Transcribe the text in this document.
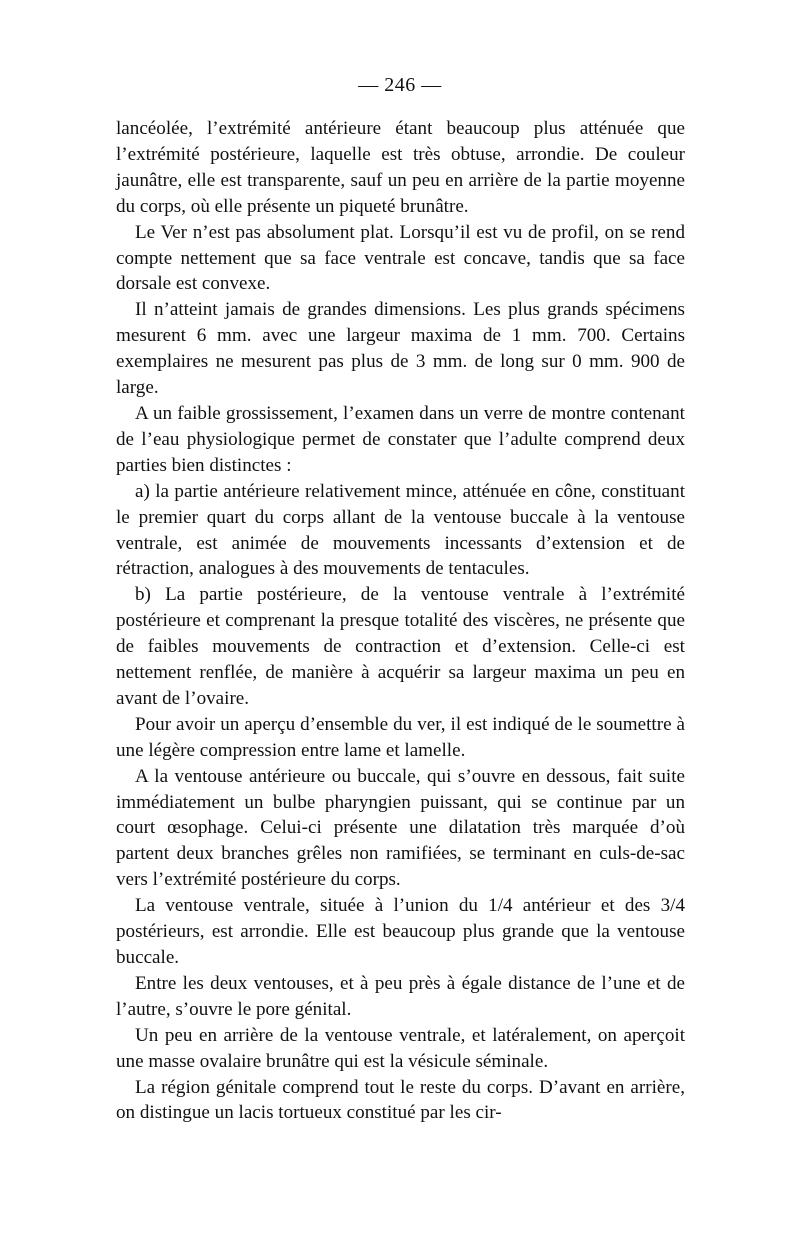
— 246 —

lancéolée, l’extrémité antérieure étant beaucoup plus atténuée que l’extrémité postérieure, laquelle est très obtuse, arrondie. De couleur jaunâtre, elle est transparente, sauf un peu en arrière de la partie moyenne du corps, où elle présente un piqueté brunâtre.

Le Ver n’est pas absolument plat. Lorsqu’il est vu de profil, on se rend compte nettement que sa face ventrale est concave, tandis que sa face dorsale est convexe.

Il n’atteint jamais de grandes dimensions. Les plus grands spécimens mesurent 6 mm. avec une largeur maxima de 1 mm. 700. Certains exemplaires ne mesurent pas plus de 3 mm. de long sur 0 mm. 900 de large.

A un faible grossissement, l’examen dans un verre de montre contenant de l’eau physiologique permet de constater que l’adulte comprend deux parties bien distinctes :

a) la partie antérieure relativement mince, atténuée en cône, constituant le premier quart du corps allant de la ventouse buccale à la ventouse ventrale, est animée de mouvements incessants d’extension et de rétraction, analogues à des mouvements de tentacules.

b) La partie postérieure, de la ventouse ventrale à l’extrémité postérieure et comprenant la presque totalité des viscères, ne présente que de faibles mouvements de contraction et d’extension. Celle-ci est nettement renflée, de manière à acquérir sa largeur maxima un peu en avant de l’ovaire.

Pour avoir un aperçu d’ensemble du ver, il est indiqué de le soumettre à une légère compression entre lame et lamelle.

A la ventouse antérieure ou buccale, qui s’ouvre en dessous, fait suite immédiatement un bulbe pharyngien puissant, qui se continue par un court œsophage. Celui-ci présente une dilatation très marquée d’où partent deux branches grêles non ramifiées, se terminant en culs-de-sac vers l’extrémité postérieure du corps.

La ventouse ventrale, située à l’union du 1/4 antérieur et des 3/4 postérieurs, est arrondie. Elle est beaucoup plus grande que la ventouse buccale.

Entre les deux ventouses, et à peu près à égale distance de l’une et de l’autre, s’ouvre le pore génital.

Un peu en arrière de la ventouse ventrale, et latéralement, on aperçoit une masse ovalaire brunâtre qui est la vésicule séminale.

La région génitale comprend tout le reste du corps. D’avant en arrière, on distingue un lacis tortueux constitué par les cir-
